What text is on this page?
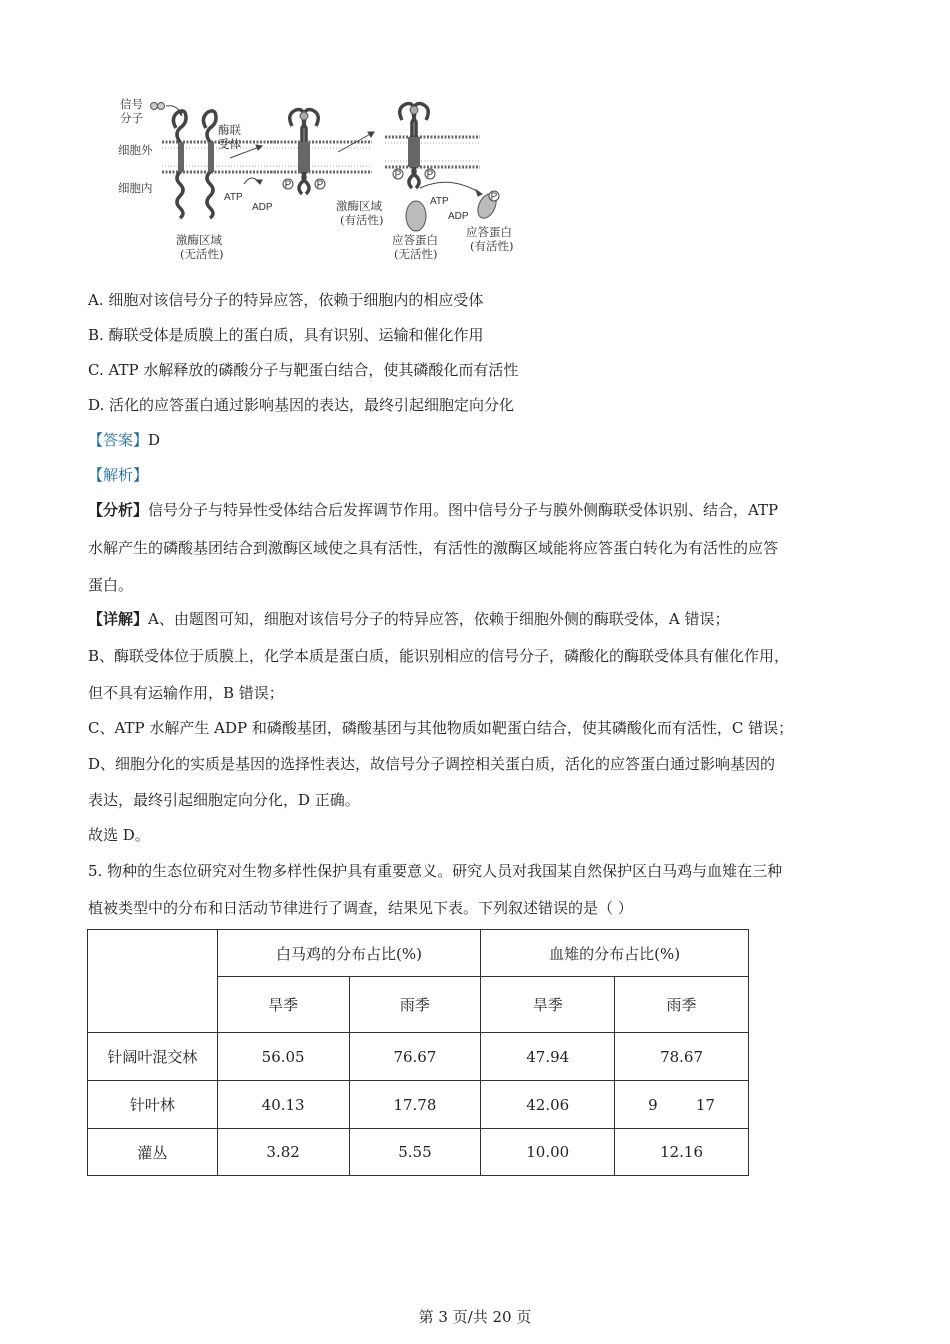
P	P
P	P
P
信号
分子
酶联
受体
细胞外
细胞内
ATP
ADP
激酶区域
(无活性)
激酶区域
(有活性)
ATP
ADP
应答蛋白
(无活性)
应答蛋白
(有活性)
A. 细胞对该信号分子的特异应答，依赖于细胞内的相应受体
B. 酶联受体是质膜上的蛋白质，具有识别、运输和催化作用
C. ATP 水解释放的磷酸分子与靶蛋白结合，使其磷酸化而有活性
D. 活化的应答蛋白通过影响基因的表达，最终引起细胞定向分化
【答案】D
【解析】
【分析】信号分子与特异性受体结合后发挥调节作用。图中信号分子与膜外侧酶联受体识别、结合，ATP
水解产生的磷酸基团结合到激酶区域使之具有活性，有活性的激酶区域能将应答蛋白转化为有活性的应答
蛋白。
【详解】A、由题图可知，细胞对该信号分子的特异应答，依赖于细胞外侧的酶联受体，A 错误；
B、酶联受体位于质膜上，化学本质是蛋白质，能识别相应的信号分子，磷酸化的酶联受体具有催化作用，
但不具有运输作用，B 错误；
C、ATP 水解产生 ADP 和磷酸基团，磷酸基团与其他物质如靶蛋白结合，使其磷酸化而有活性，C 错误；
D、细胞分化的实质是基因的选择性表达，故信号分子调控相关蛋白质，活化的应答蛋白通过影响基因的
表达，最终引起细胞定向分化，D 正确。
故选 D。
5. 物种的生态位研究对生物多样性保护具有重要意义。研究人员对我国某自然保护区白马鸡与血雉在三种
植被类型中的分布和日活动节律进行了调查，结果见下表。下列叙述错误的是（ ）
	白马鸡的分布占比(%)		血雉的分布占比(%)	
	旱季	雨季	旱季	雨季
针阔叶混交林	56.05	76.67	47.94	78.67
针叶林	40.13	17.78	42.06	9        17
灌丛	3.82	5.55	10.00	12.16
第 3 页/共 20 页
